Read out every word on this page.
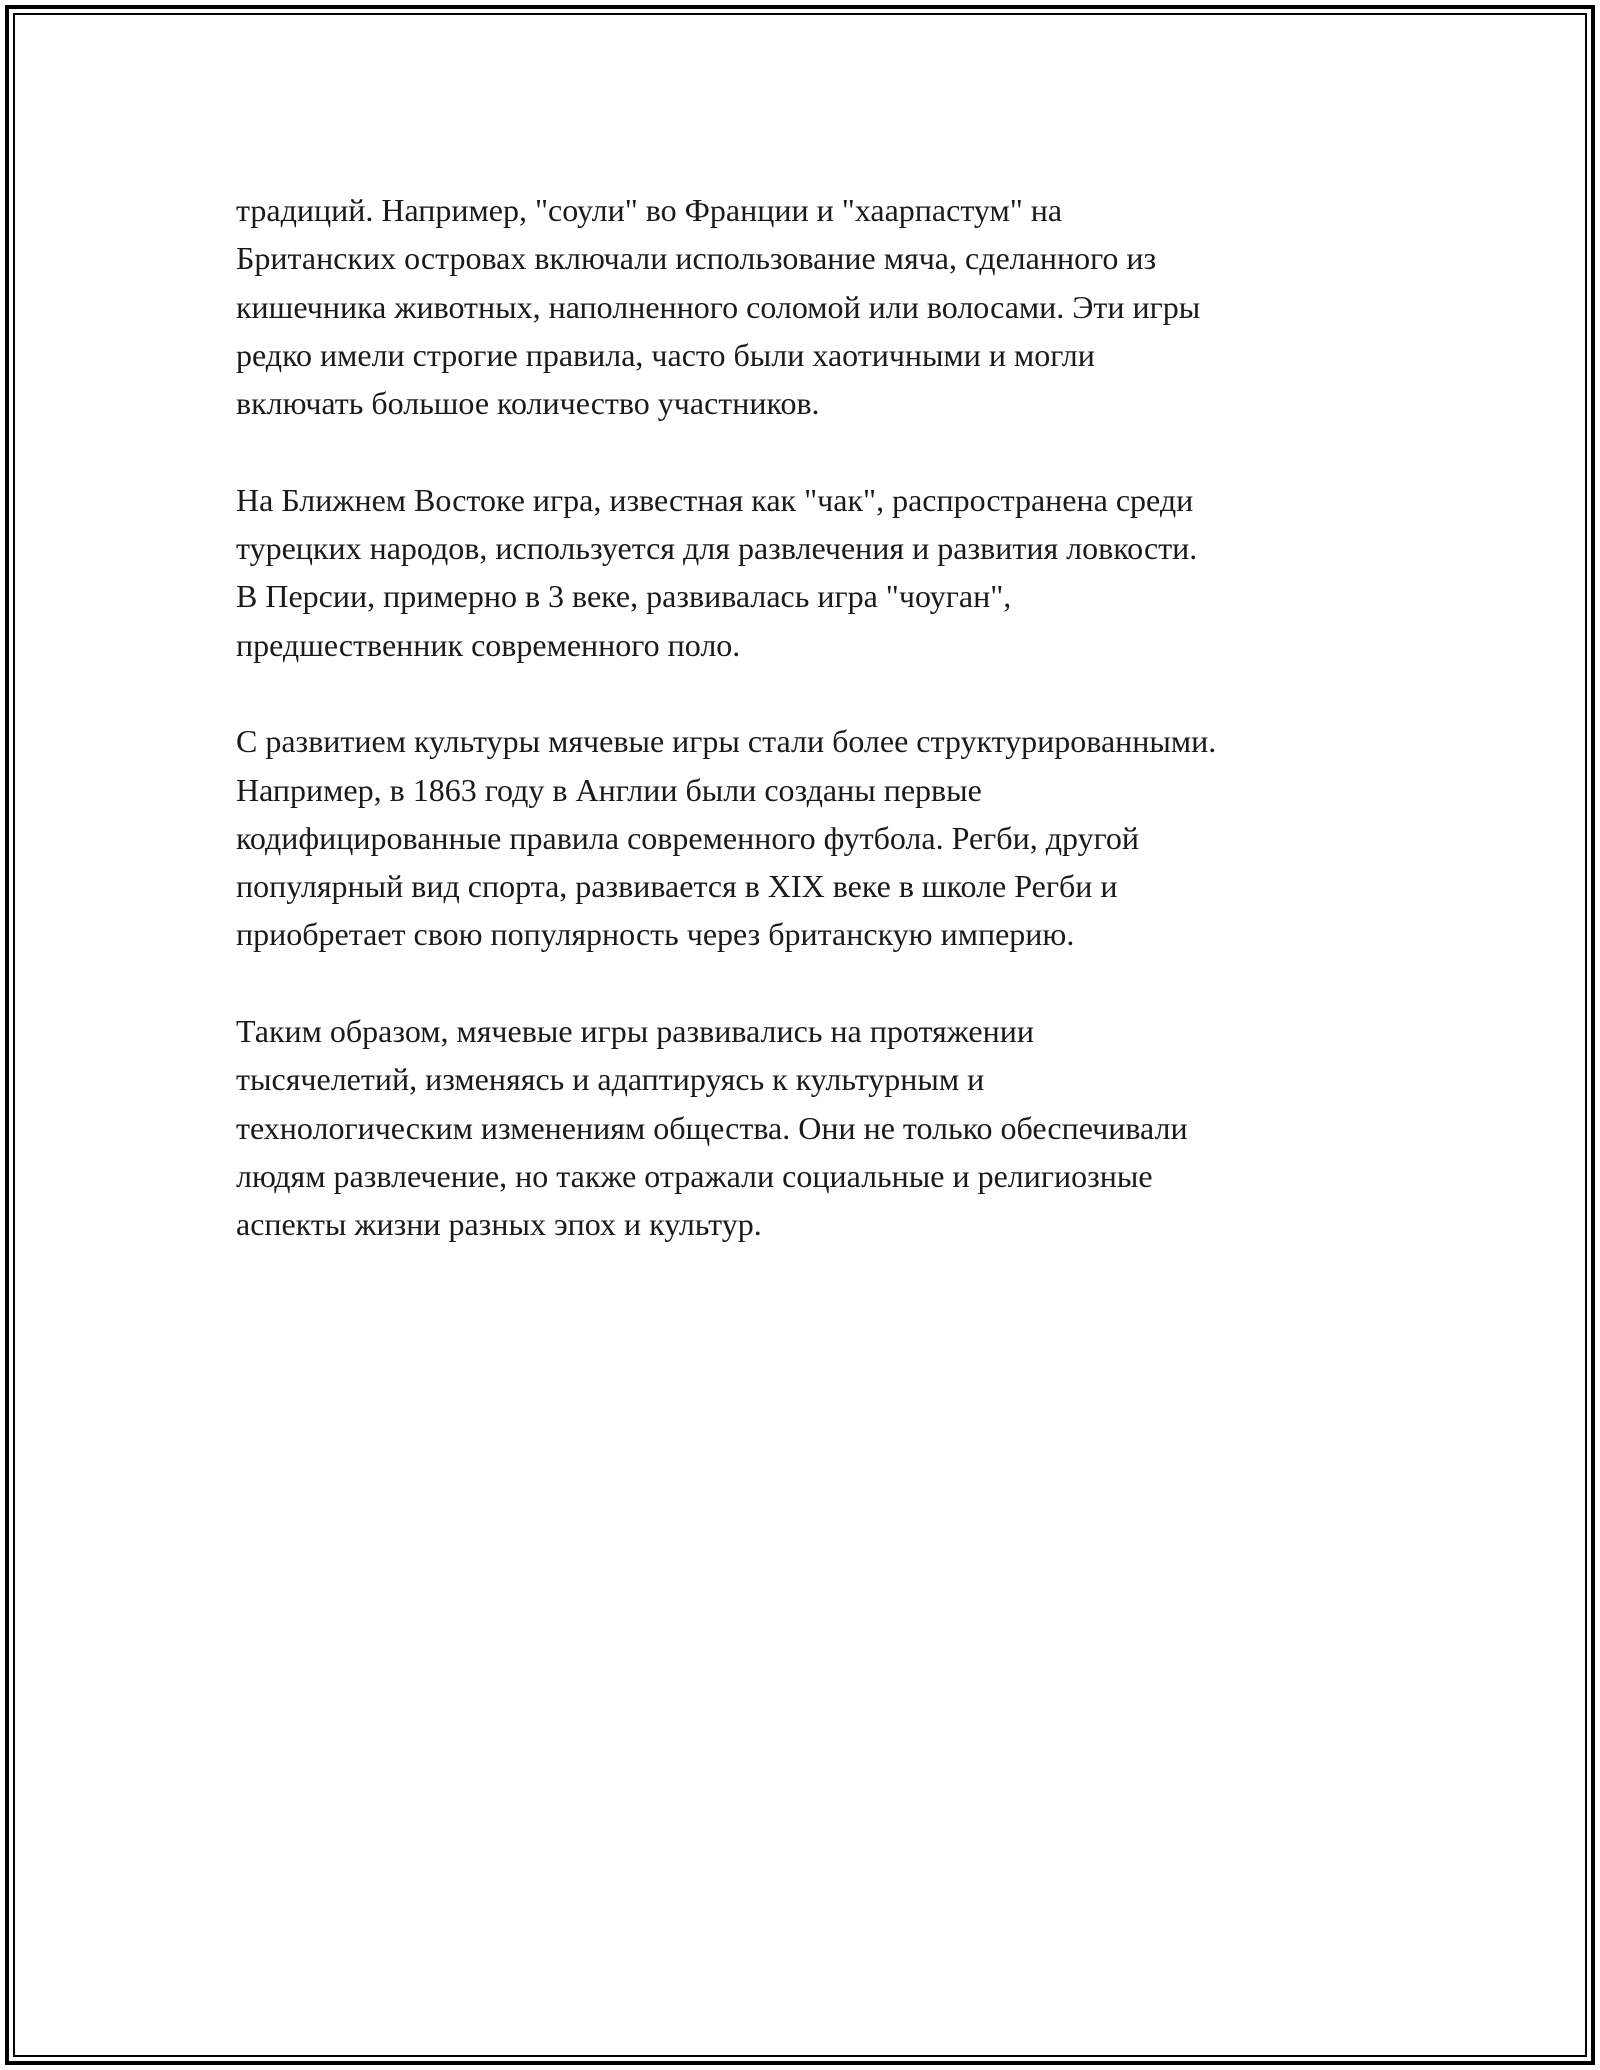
традиций. Например, "соули" во Франции и "хаарпастум" на
Британских островах включали использование мяча, сделанного из
кишечника животных, наполненного соломой или волосами. Эти игры
редко имели строгие правила, часто были хаотичными и могли
включать большое количество участников.

На Ближнем Востоке игра, известная как "чак", распространена среди
турецких народов, используется для развлечения и развития ловкости.
В Персии, примерно в 3 веке, развивалась игра "чоуган",
предшественник современного поло.

С развитием культуры мячевые игры стали более структурированными.
Например, в 1863 году в Англии были созданы первые
кодифицированные правила современного футбола. Регби, другой
популярный вид спорта, развивается в XIX веке в школе Регби и
приобретает свою популярность через британскую империю.

Таким образом, мячевые игры развивались на протяжении
тысячелетий, изменяясь и адаптируясь к культурным и
технологическим изменениям общества. Они не только обеспечивали
людям развлечение, но также отражали социальные и религиозные
аспекты жизни разных эпох и культур.
